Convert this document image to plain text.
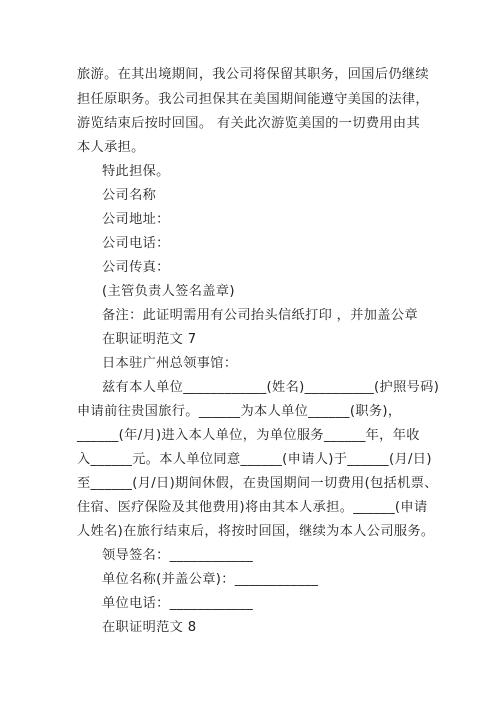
旅游。在其出境期间，我公司将保留其职务，回国后仍继续
担任原职务。我公司担保其在美国期间能遵守美国的法律，
游览结束后按时回国。 有关此次游览美国的一切费用由其
本人承担。
特此担保。
公司名称
公司地址：
公司电话：
公司传真：
(主管负责人签名盖章)
备注：此证明需用有公司抬头信纸打印 ，并加盖公章
在职证明范文 7
日本驻广州总领事馆：
兹有本人单位____________(姓名)__________(护照号码)
申请前往贵国旅行。______为本人单位______(职务)，
______(年/月)进入本人单位，为单位服务______年，年收
入______元。本人单位同意______(申请人)于______(月/日)
至______(月/日)期间休假，在贵国期间一切费用(包括机票、
住宿、医疗保险及其他费用)将由其本人承担。______(申请
人姓名)在旅行结束后，将按时回国，继续为本人公司服务。
领导签名：____________
单位名称(并盖公章)：____________
单位电话：____________
在职证明范文 8
